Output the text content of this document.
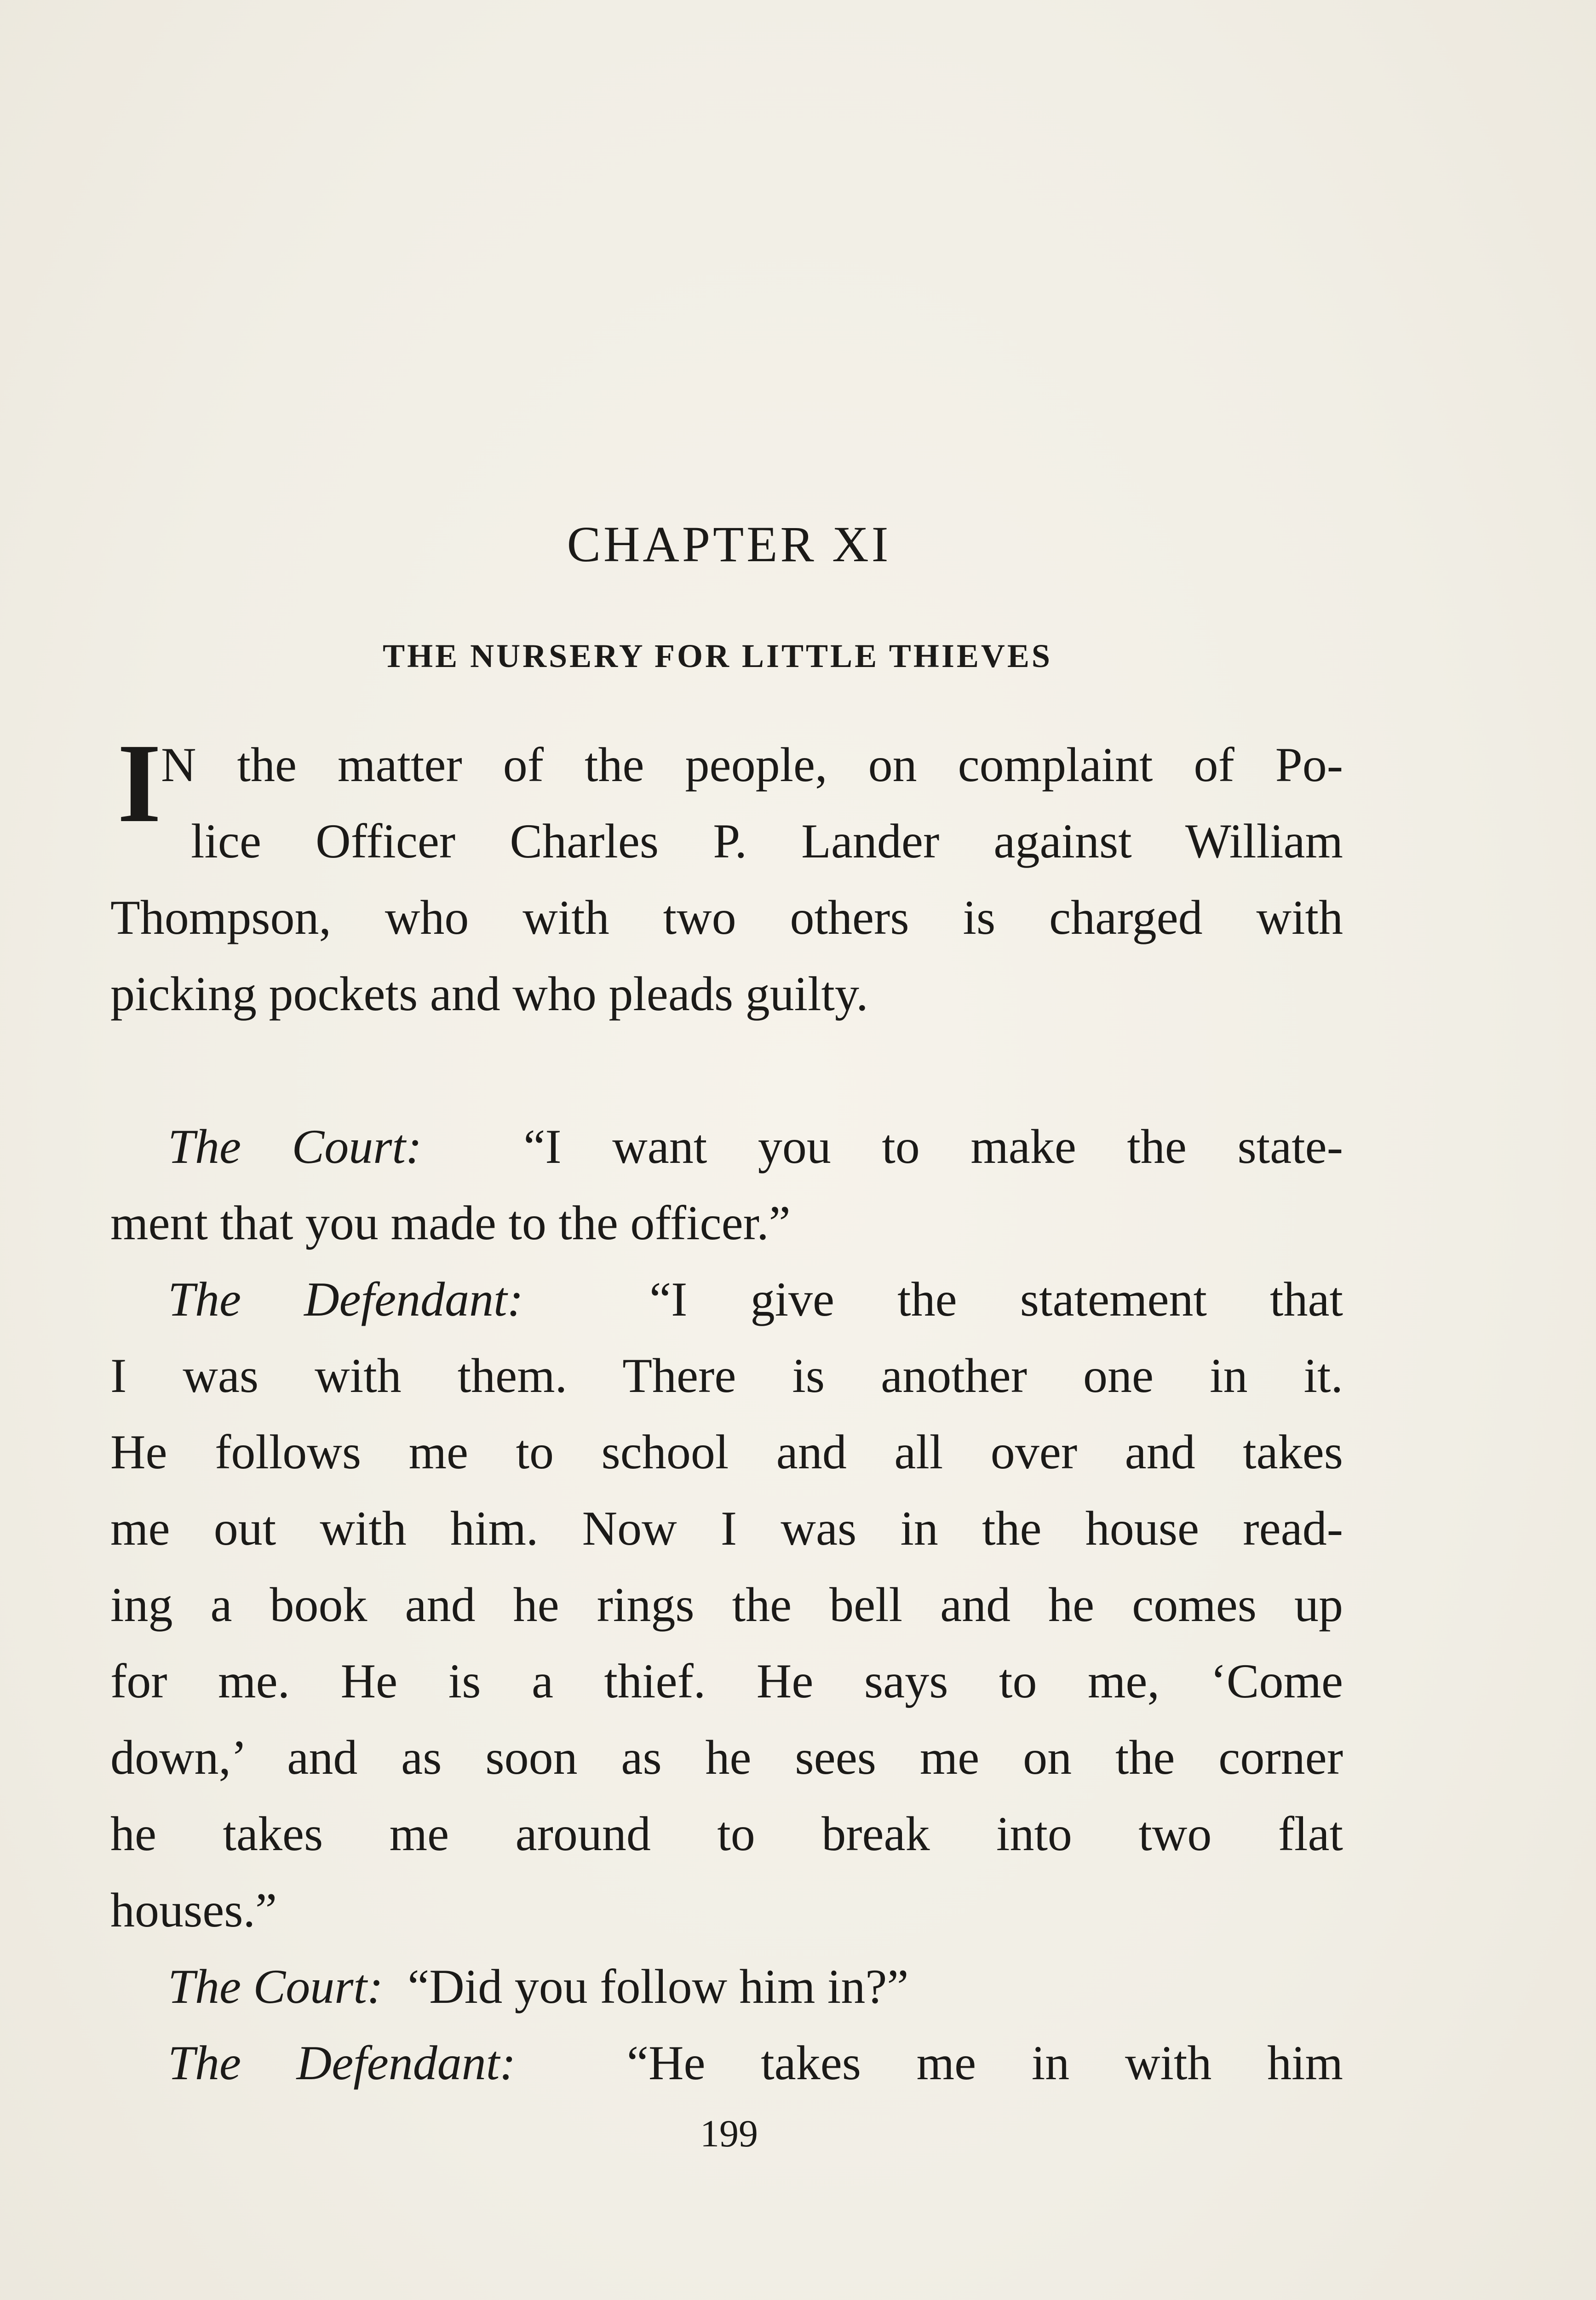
CHAPTER XI
THE NURSERY FOR LITTLE THIEVES
I N the matter of the people, on complaint of Po-
lice Officer Charles P. Lander against William
Thompson, who with two others is charged with
picking pockets and who pleads guilty.
The Court: “I want you to make the state-
ment that you made to the officer.”
The Defendant:	“I give the statement that
I was with them. There is another one in it.
He follows me to school and all over and takes
me out with him. Now I was in the house read-
ing a book and he rings the bell and he comes up
for me. He is a thief. He says to me, ‘Come
down,’ and as soon as he sees me on the corner
he takes me around to break into two flat
houses.”
The Court: “Did you follow him in?”
The Defendant: “He takes me in with him
199
